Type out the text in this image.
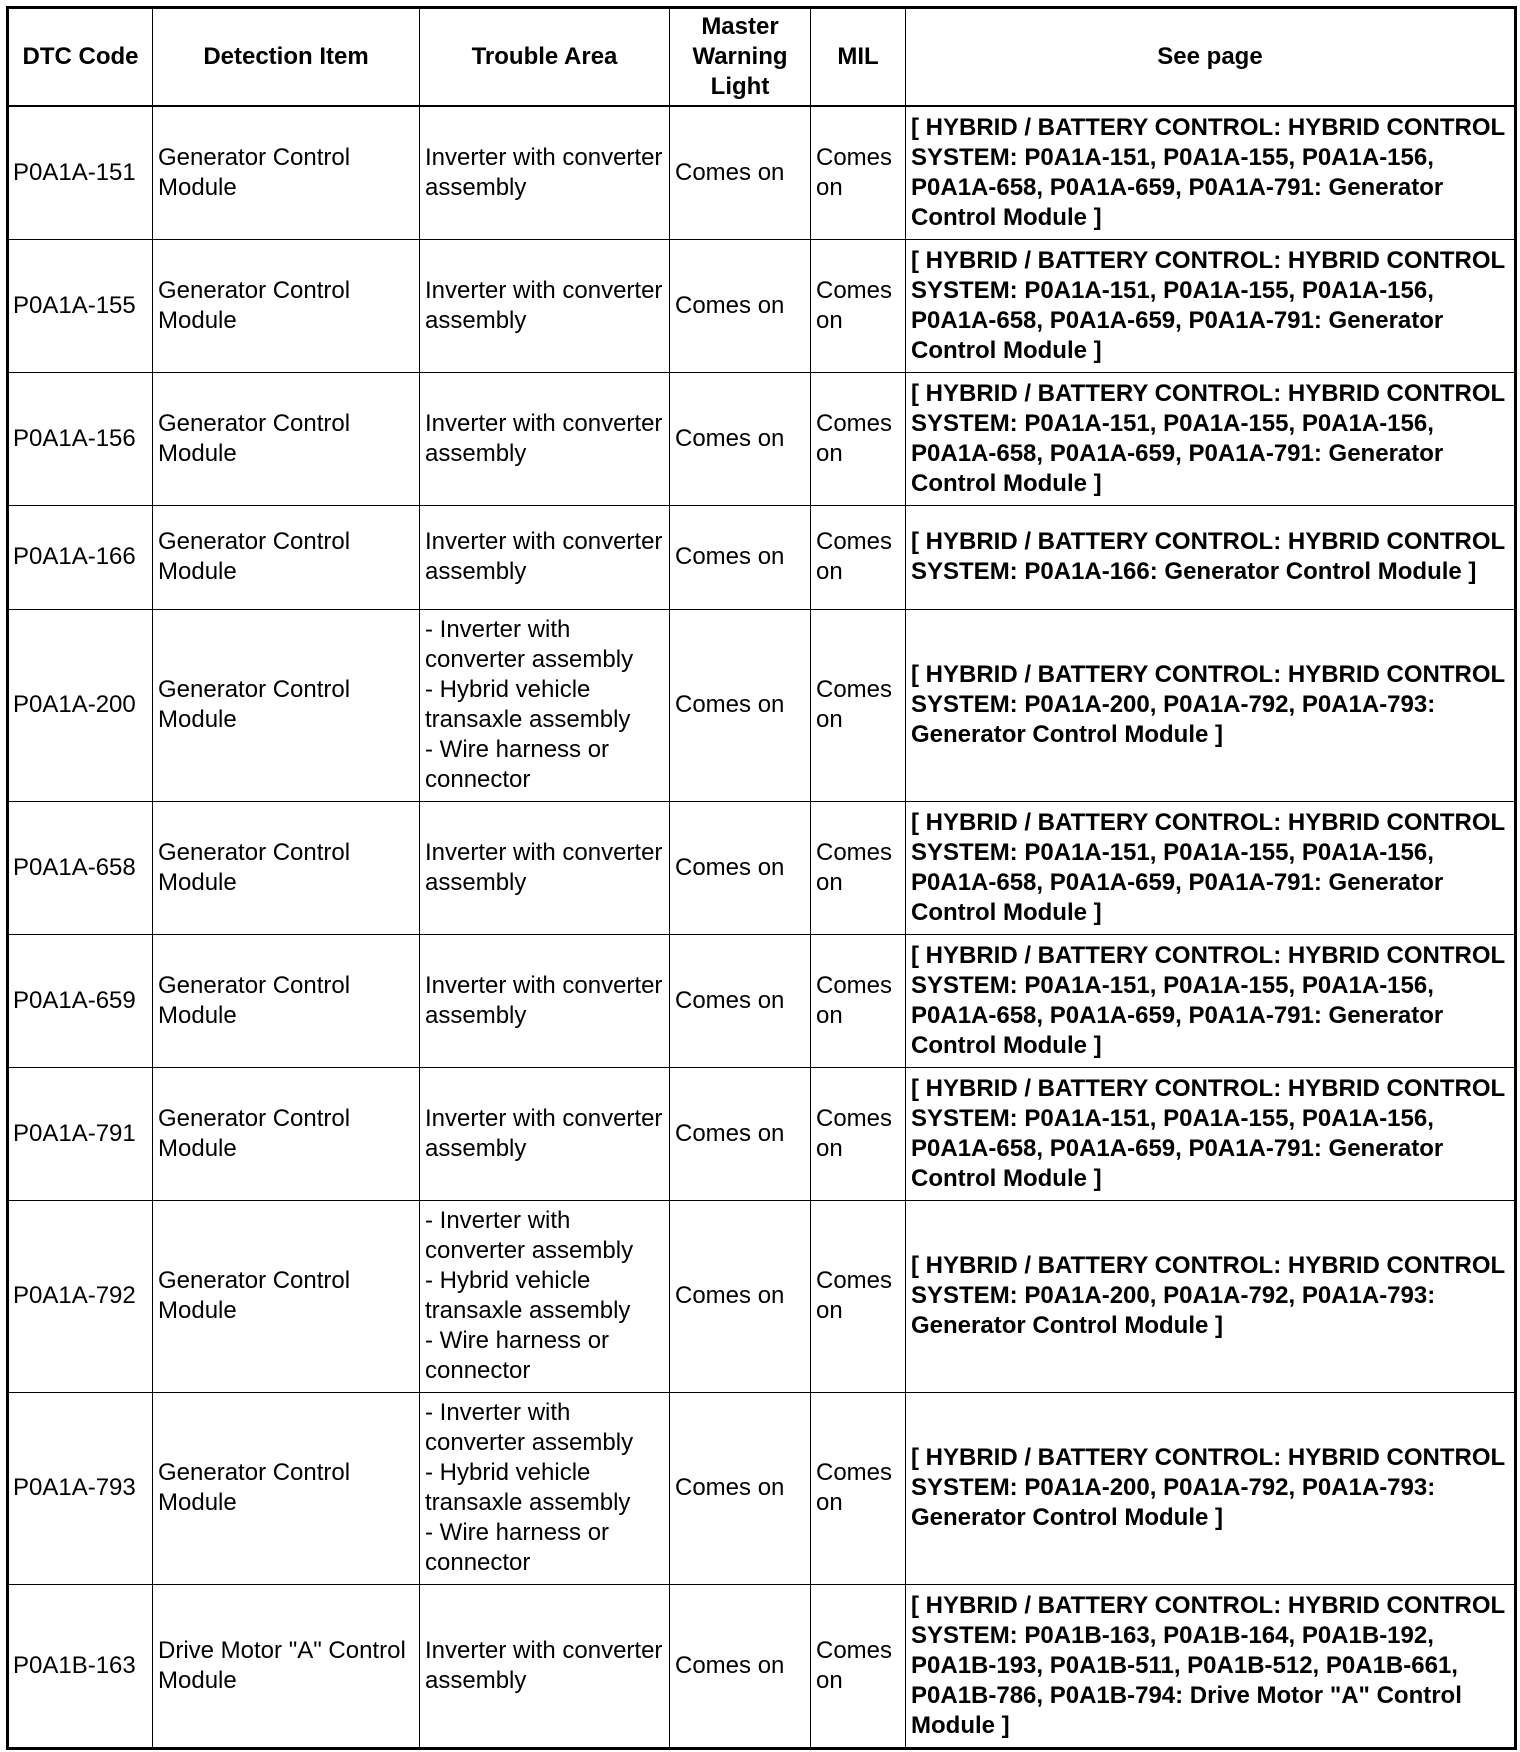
DTC Code	Detection Item	Trouble Area	Master Warning Light	MIL	See page
P0A1A-151	Generator Control Module	Inverter with converter assembly	Comes on	Comes on	[ HYBRID / BATTERY CONTROL: HYBRID CONTROL SYSTEM: P0A1A-151, P0A1A-155, P0A1A-156, P0A1A-658, P0A1A-659, P0A1A-791: Generator Control Module ]
P0A1A-155	Generator Control Module	Inverter with converter assembly	Comes on	Comes on	[ HYBRID / BATTERY CONTROL: HYBRID CONTROL SYSTEM: P0A1A-151, P0A1A-155, P0A1A-156, P0A1A-658, P0A1A-659, P0A1A-791: Generator Control Module ]
P0A1A-156	Generator Control Module	Inverter with converter assembly	Comes on	Comes on	[ HYBRID / BATTERY CONTROL: HYBRID CONTROL SYSTEM: P0A1A-151, P0A1A-155, P0A1A-156, P0A1A-658, P0A1A-659, P0A1A-791: Generator Control Module ]
P0A1A-166	Generator Control Module	Inverter with converter assembly	Comes on	Comes on	[ HYBRID / BATTERY CONTROL: HYBRID CONTROL SYSTEM: P0A1A-166: Generator Control Module ]
P0A1A-200	Generator Control Module	- Inverter with converter assembly
- Hybrid vehicle transaxle assembly
- Wire harness or connector	Comes on	Comes on	[ HYBRID / BATTERY CONTROL: HYBRID CONTROL SYSTEM: P0A1A-200, P0A1A-792, P0A1A-793: Generator Control Module ]
P0A1A-658	Generator Control Module	Inverter with converter assembly	Comes on	Comes on	[ HYBRID / BATTERY CONTROL: HYBRID CONTROL SYSTEM: P0A1A-151, P0A1A-155, P0A1A-156, P0A1A-658, P0A1A-659, P0A1A-791: Generator Control Module ]
P0A1A-659	Generator Control Module	Inverter with converter assembly	Comes on	Comes on	[ HYBRID / BATTERY CONTROL: HYBRID CONTROL SYSTEM: P0A1A-151, P0A1A-155, P0A1A-156, P0A1A-658, P0A1A-659, P0A1A-791: Generator Control Module ]
P0A1A-791	Generator Control Module	Inverter with converter assembly	Comes on	Comes on	[ HYBRID / BATTERY CONTROL: HYBRID CONTROL SYSTEM: P0A1A-151, P0A1A-155, P0A1A-156, P0A1A-658, P0A1A-659, P0A1A-791: Generator Control Module ]
P0A1A-792	Generator Control Module	- Inverter with converter assembly
- Hybrid vehicle transaxle assembly
- Wire harness or connector	Comes on	Comes on	[ HYBRID / BATTERY CONTROL: HYBRID CONTROL SYSTEM: P0A1A-200, P0A1A-792, P0A1A-793: Generator Control Module ]
P0A1A-793	Generator Control Module	- Inverter with converter assembly
- Hybrid vehicle transaxle assembly
- Wire harness or connector	Comes on	Comes on	[ HYBRID / BATTERY CONTROL: HYBRID CONTROL SYSTEM: P0A1A-200, P0A1A-792, P0A1A-793: Generator Control Module ]
P0A1B-163	Drive Motor "A" Control Module	Inverter with converter assembly	Comes on	Comes on	[ HYBRID / BATTERY CONTROL: HYBRID CONTROL SYSTEM: P0A1B-163, P0A1B-164, P0A1B-192, P0A1B-193, P0A1B-511, P0A1B-512, P0A1B-661, P0A1B-786, P0A1B-794: Drive Motor "A" Control Module ]
